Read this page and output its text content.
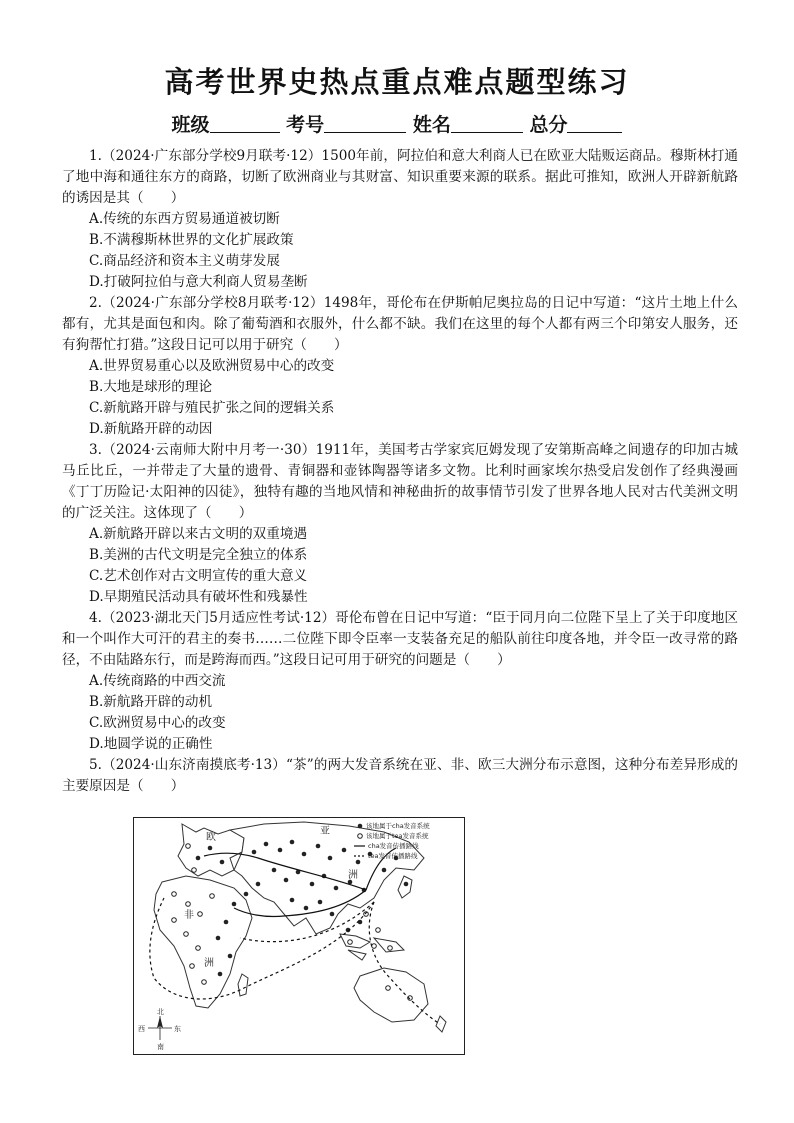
高考世界史热点重点难点题型练习
班级	考号	姓名	总分

1.（2024·广东部分学校9月联考·12）1500年前，阿拉伯和意大利商人已在欧亚大陆贩运商品。穆斯林打通了地中海和通往东方的商路，切断了欧洲商业与其财富、知识重要来源的联系。据此可推知，欧洲人开辟新航路的诱因是其（　　）

A.传统的东西方贸易通道被切断

B.不满穆斯林世界的文化扩展政策

C.商品经济和资本主义萌芽发展

D.打破阿拉伯与意大利商人贸易垄断

2.（2024·广东部分学校8月联考·12）1498年，哥伦布在伊斯帕尼奥拉岛的日记中写道：“这片土地上什么都有，尤其是面包和肉。除了葡萄酒和衣服外，什么都不缺。我们在这里的每个人都有两三个印第安人服务，还有狗帮忙打猎。”这段日记可以用于研究（　　）

A.世界贸易重心以及欧洲贸易中心的改变

B.大地是球形的理论

C.新航路开辟与殖民扩张之间的逻辑关系

D.新航路开辟的动因

3.（2024·云南师大附中月考一·30）1911年，美国考古学家宾厄姆发现了安第斯高峰之间遗存的印加古城马丘比丘，一并带走了大量的遗骨、青铜器和壶钵陶器等诸多文物。比利时画家埃尔热受启发创作了经典漫画《丁丁历险记·太阳神的囚徒》，独特有趣的当地风情和神秘曲折的故事情节引发了世界各地人民对古代美洲文明的广泛关注。这体现了（　　）

A.新航路开辟以来古文明的双重境遇

B.美洲的古代文明是完全独立的体系

C.艺术创作对古文明宣传的重大意义

D.早期殖民活动具有破坏性和残暴性

4.（2023·湖北天门5月适应性考试·12）哥伦布曾在日记中写道：“臣于同月向二位陛下呈上了关于印度地区和一个叫作大可汗的君主的奏书……二位陛下即令臣率一支装备充足的船队前往印度各地，并令臣一改寻常的路径，不由陆路东行，而是跨海而西。”这段日记可用于研究的问题是（　　）

A.传统商路的中西交流

B.新航路开辟的动机

C.欧洲贸易中心的改变

D.地圆学说的正确性

5.（2024·山东济南摸底考·13）“茶”的两大发音系统在亚、非、欧三大洲分布示意图，这种分布差异形成的主要原因是（　　）

欧
亚
洲
非
洲
该地属于cha发音系统
该地属于tea发音系统
cha发音传播路线
tea发音传播路线
北
西	东
南
